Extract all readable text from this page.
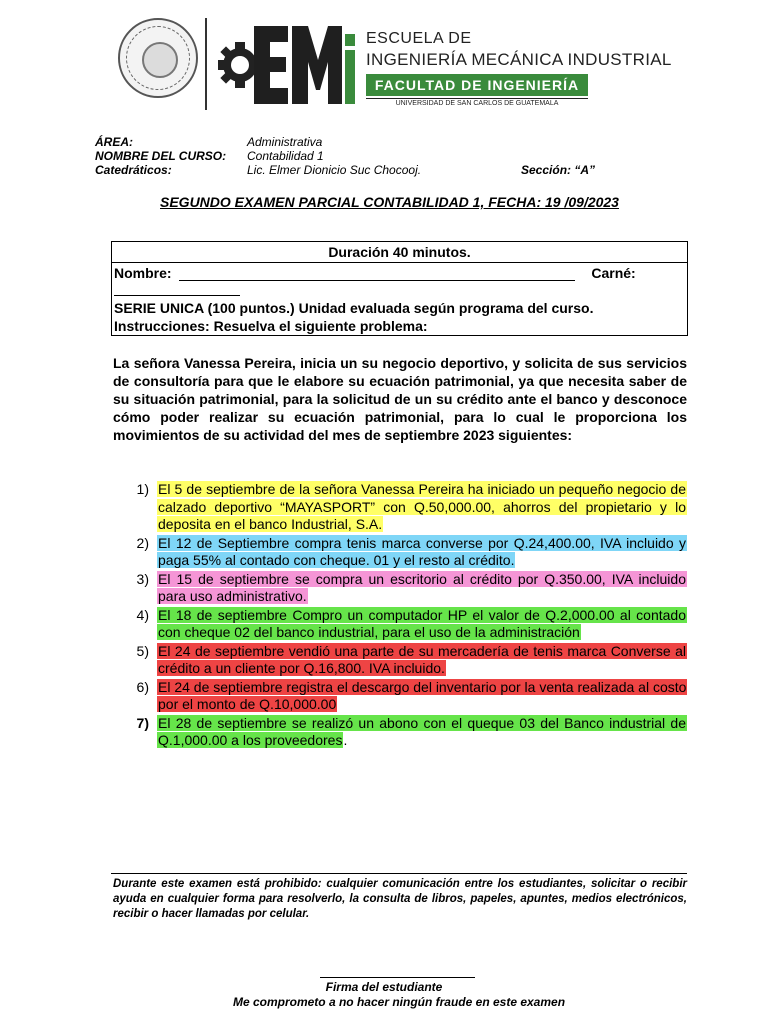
ESCUELA DE
INGENIERÍA MECÁNICA INDUSTRIAL
FACULTAD DE INGENIERÍA
UNIVERSIDAD DE SAN CARLOS DE GUATEMALA
ÁREA:	Administrativa
NOMBRE DEL CURSO: Contabilidad 1
Catedráticos:	Lic. Elmer Dionicio Suc Chocooj.	Sección: “A”
SEGUNDO EXAMEN PARCIAL CONTABILIDAD 1, FECHA: 19 /09/2023
Duración 40 minutos.
Nombre:	Carné:
SERIE UNICA (100 puntos.) Unidad evaluada según programa del curso.
Instrucciones: Resuelva el siguiente problema:
La señora Vanessa Pereira, inicia un su negocio deportivo, y solicita de sus servicios de consultoría para que le elabore su ecuación patrimonial, ya que necesita saber de su situación patrimonial, para la solicitud de un su crédito ante el banco y desconoce cómo poder realizar su ecuación patrimonial, para lo cual le proporciona los movimientos de su actividad del mes de septiembre 2023 siguientes:
1) El 5 de septiembre de la señora Vanessa Pereira ha iniciado un pequeño negocio de calzado deportivo “MAYASPORT” con Q.50,000.00, ahorros del propietario y lo deposita en el banco Industrial, S.A.
2) El 12 de Septiembre compra tenis marca converse por Q.24,400.00, IVA incluido y paga 55% al contado con cheque. 01 y el resto al crédito.
3) El 15 de septiembre se compra un escritorio al crédito por Q.350.00, IVA incluido para uso administrativo.
4) El 18 de septiembre Compro un computador HP el valor de Q.2,000.00 al contado con cheque 02 del banco industrial, para el uso de la administración
5) El 24 de septiembre vendió una parte de su mercadería de tenis marca Converse al crédito a un cliente por Q.16,800. IVA incluido.
6) El 24 de septiembre registra el descargo del inventario por la venta realizada al costo por el monto de Q.10,000.00
7) El 28 de septiembre se realizó un abono con el queque 03 del Banco industrial de Q.1,000.00 a los proveedores.
Durante este examen está prohibido: cualquier comunicación entre los estudiantes, solicitar o recibir ayuda en cualquier forma para resolverlo, la consulta de libros, papeles, apuntes, medios electrónicos, recibir o hacer llamadas por celular.
Firma del estudiante
Me comprometo a no hacer ningún fraude en este examen
